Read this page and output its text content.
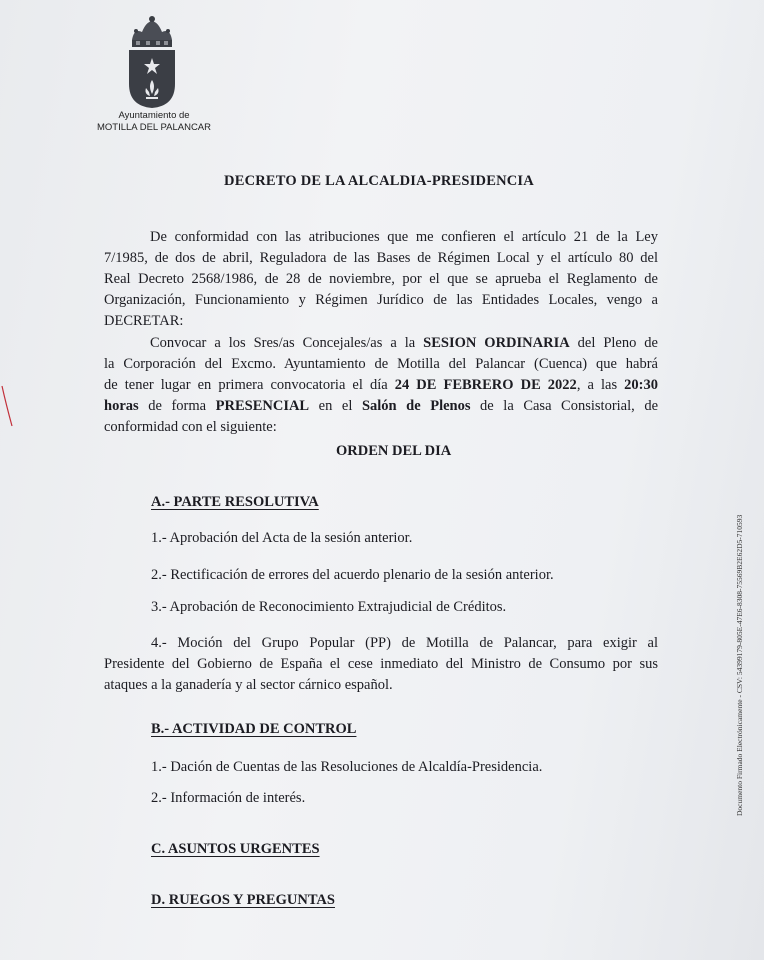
Ayuntamiento de
MOTILLA DEL PALANCAR
DECRETO DE LA ALCALDIA-PRESIDENCIA
De conformidad con las atribuciones que me confieren el artículo 21 de la Ley
7/1985, de dos de abril, Reguladora de las Bases de Régimen Local y el artículo 80 del
Real Decreto 2568/1986, de 28 de noviembre, por el que se aprueba el Reglamento de
Organización, Funcionamiento y Régimen Jurídico de las Entidades Locales, vengo a
DECRETAR:
Convocar a los Sres/as Concejales/as a la SESION ORDINARIA del Pleno de
la Corporación del Excmo. Ayuntamiento de Motilla del Palancar (Cuenca) que habrá
de tener lugar en primera convocatoria el día 24 DE FEBRERO DE 2022, a las 20:30
horas de forma PRESENCIAL en el Salón de Plenos de la Casa Consistorial, de
conformidad con el siguiente:
ORDEN DEL DIA
A.- PARTE RESOLUTIVA
1.- Aprobación del Acta de la sesión anterior.
2.- Rectificación de errores del acuerdo plenario de la sesión anterior.
3.- Aprobación de Reconocimiento Extrajudicial de Créditos.
4.- Moción del Grupo Popular (PP) de Motilla de Palancar, para exigir al
Presidente del Gobierno de España el cese inmediato del Ministro de Consumo por sus
ataques a la ganadería y al sector cárnico español.
B.- ACTIVIDAD DE CONTROL
1.- Dación de Cuentas de las Resoluciones de Alcaldía-Presidencia.
2.- Información de interés.
C. ASUNTOS URGENTES
D. RUEGOS Y PREGUNTAS
Documento Firmado Electrónicamente - CSV: 54399179-805E-47E6-8308-75569B2E62D5-710593
